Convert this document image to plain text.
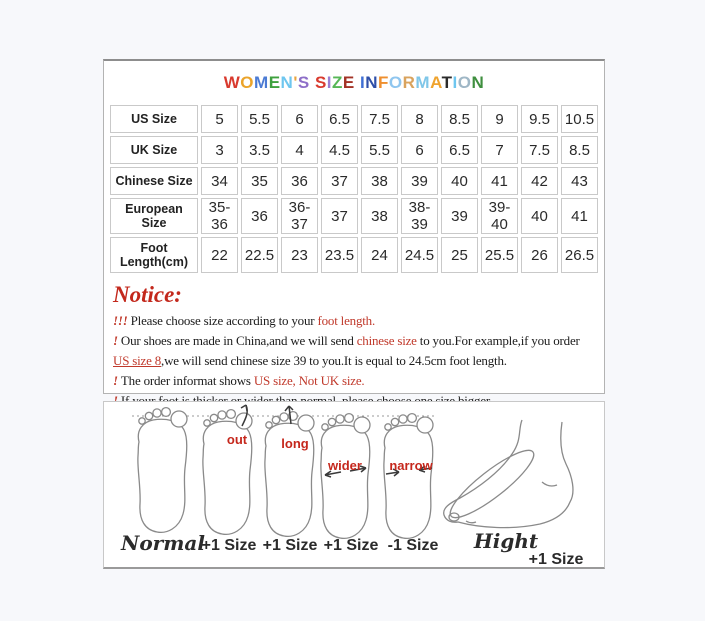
WOMEN'S SIZE INFORMATION
US Size	5	5.5	6	6.5	7.5	8	8.5	9	9.5	10.5
UK Size	3	3.5	4	4.5	5.5	6	6.5	7	7.5	8.5
Chinese Size	34	35	36	37	38	39	40	41	42	43
European Size	35-36	36	36-37	37	38	38-39	39	39-40	40	41
Foot Length(cm)	22	22.5	23	23.5	24	24.5	25	25.5	26	26.5
Notice:
!!! Please choose size according to your foot length.
! Our shoes are made in China,and we will send chinese size to you.For example,if you order
US size 8,we will send chinese size 39 to you.It is equal to 24.5cm foot length.
! The order informat shows US size, Not UK size.
out	long
wider narrow
Normal
+1 Size +1 Size +1 Size -1 Size Hight
+1 Size
